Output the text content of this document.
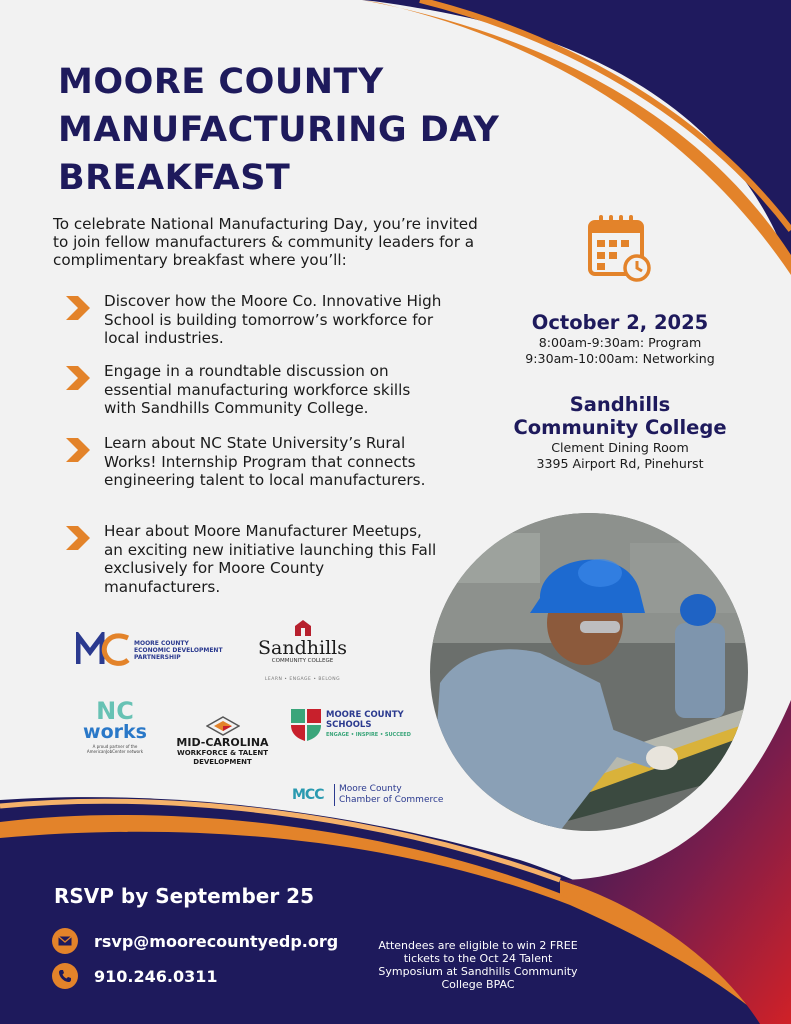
MOORE COUNTY
MANUFACTURING DAY
BREAKFAST

To celebrate National Manufacturing Day, you’re invited to join fellow manufacturers & community leaders for a complimentary breakfast where you’ll:

Discover how the Moore Co. Innovative High School is building tomorrow’s workforce for local industries.
Engage in a roundtable discussion on essential manufacturing workforce skills with Sandhills Community College.
Learn about NC State University’s Rural Works! Internship Program that connects engineering talent to local manufacturers.
Hear about Moore Manufacturer Meetups, an exciting new initiative launching this Fall exclusively for Moore County manufacturers.
October 2, 2025
8:00am-9:30am: Program
9:30am-10:00am: Networking
Sandhills
Community College
Clement Dining Room
3395 Airport Rd, Pinehurst
MOORE COUNTY
ECONOMIC DEVELOPMENT
PARTNERSHIP	Sandhills
COMMUNITY COLLEGE
LEARN • ENGAGE • BELONG
NC
works
A proud partner of the AmericanJobCenter network
MID-CAROLINA
WORKFORCE & TALENT
DEVELOPMENT
MOORE COUNTY
SCHOOLS
ENGAGE • INSPIRE • SUCCEED
MCC Moore County
Chamber of Commerce
RSVP by September 25
rsvp@moorecountyedp.org
910.246.0311
Attendees are eligible to win 2 FREE tickets to the Oct 24 Talent Symposium at Sandhills Community College BPAC
